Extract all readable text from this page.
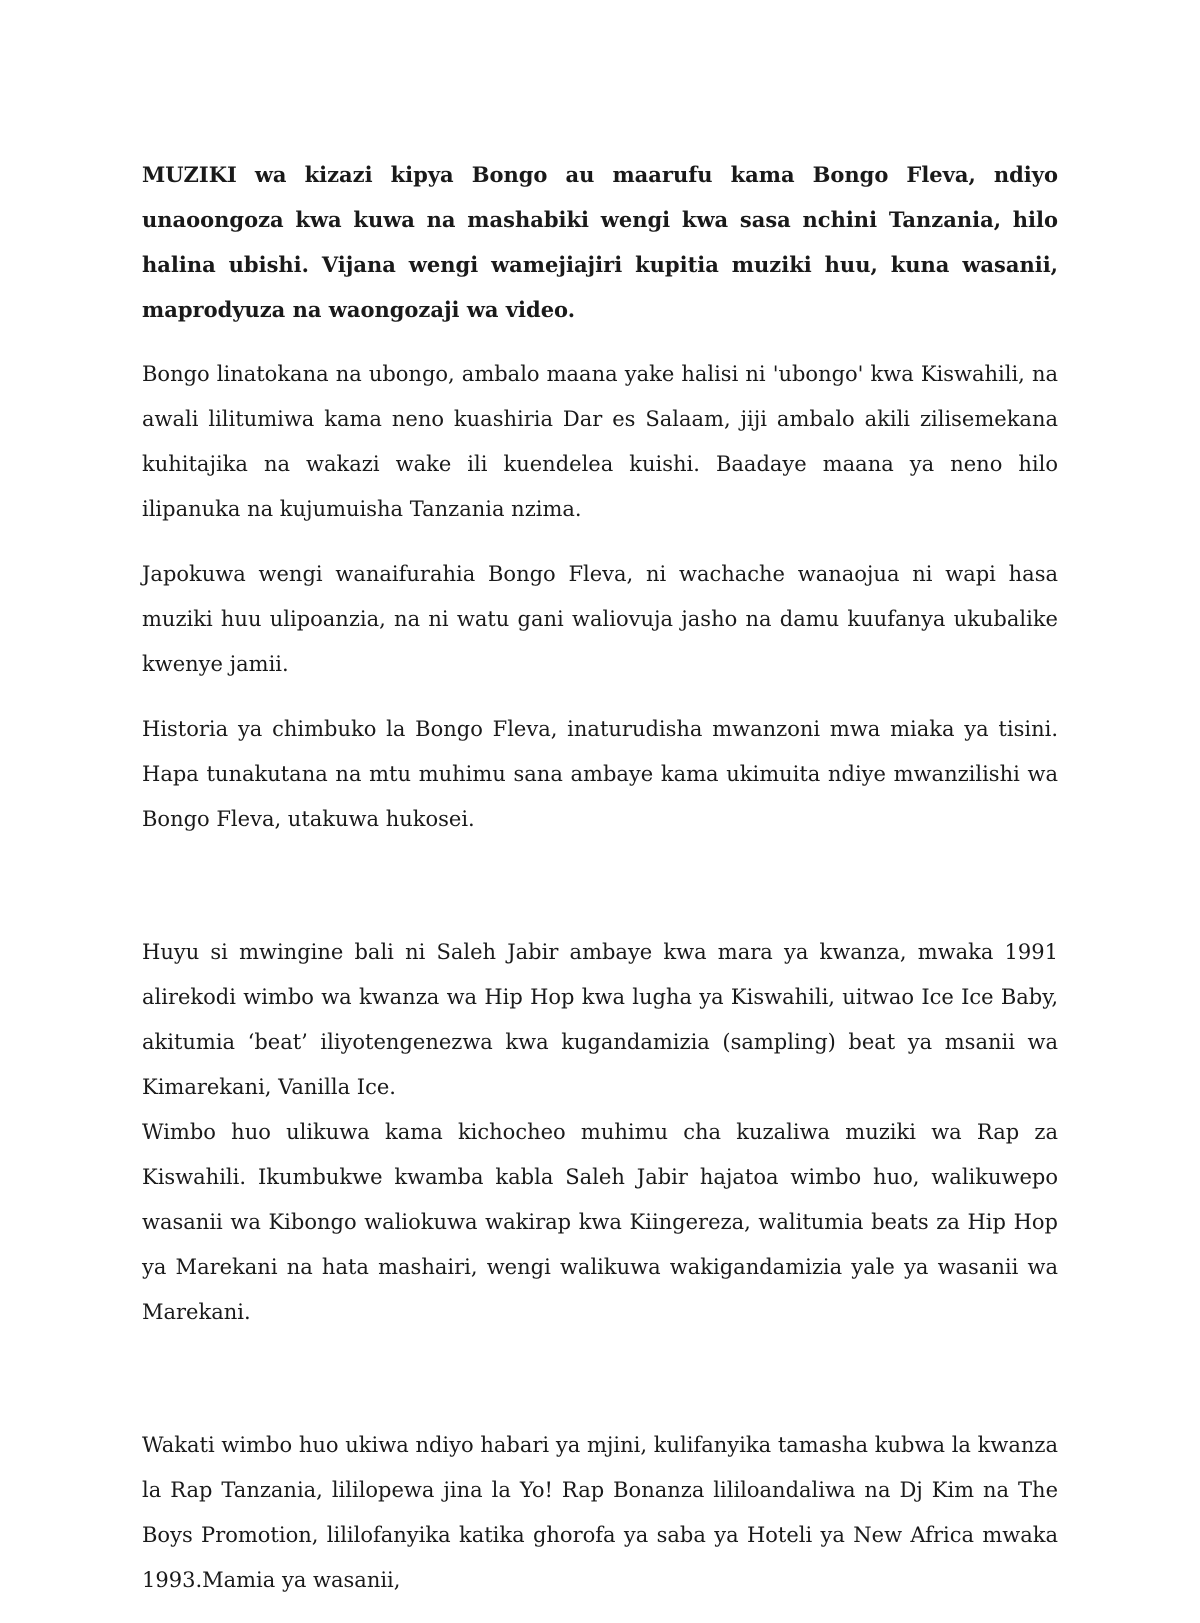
MUZIKI wa kizazi kipya Bongo au maarufu kama Bongo Fleva, ndiyo unaoongoza kwa kuwa na mashabiki wengi kwa sasa nchini Tanzania, hilo halina ubishi. Vijana wengi wamejiajiri kupitia muziki huu, kuna wasanii, maprodyuza na waongozaji wa video.

Bongo linatokana na ubongo, ambalo maana yake halisi ni 'ubongo' kwa Kiswahili, na awali lilitumiwa kama neno kuashiria Dar es Salaam, jiji ambalo akili zilisemekana kuhitajika na wakazi wake ili kuendelea kuishi. Baadaye maana ya neno hilo ilipanuka na kujumuisha Tanzania nzima.

Japokuwa wengi wanaifurahia Bongo Fleva, ni wachache wanaojua ni wapi hasa muziki huu ulipoanzia, na ni watu gani waliovuja jasho na damu kuufanya ukubalike kwenye jamii.

Historia ya chimbuko la Bongo Fleva, inaturudisha mwanzoni mwa miaka ya tisini. Hapa tunakutana na mtu muhimu sana ambaye kama ukimuita ndiye mwanzilishi wa Bongo Fleva, utakuwa hukosei.

Huyu si mwingine bali ni Saleh Jabir ambaye kwa mara ya kwanza, mwaka 1991 alirekodi wimbo wa kwanza wa Hip Hop kwa lugha ya Kiswahili, uitwao Ice Ice Baby, akitumia ‘beat’ iliyotengenezwa kwa kugandamizia (sampling) beat ya msanii wa Kimarekani, Vanilla Ice.

Wimbo huo ulikuwa kama kichocheo muhimu cha kuzaliwa muziki wa Rap za Kiswahili. Ikumbukwe kwamba kabla Saleh Jabir hajatoa wimbo huo, walikuwepo wasanii wa Kibongo waliokuwa wakirap kwa Kiingereza, walitumia beats za Hip Hop ya Marekani na hata mashairi, wengi walikuwa wakigandamizia yale ya wasanii wa Marekani.

Wakati wimbo huo ukiwa ndiyo habari ya mjini, kulifanyika tamasha kubwa la kwanza la Rap Tanzania, lililopewa jina la Yo! Rap Bonanza lililoandaliwa na Dj Kim na The Boys Promotion, lililofanyika katika ghorofa ya saba ya Hoteli ya New Africa mwaka 1993.Mamia ya wasanii,
